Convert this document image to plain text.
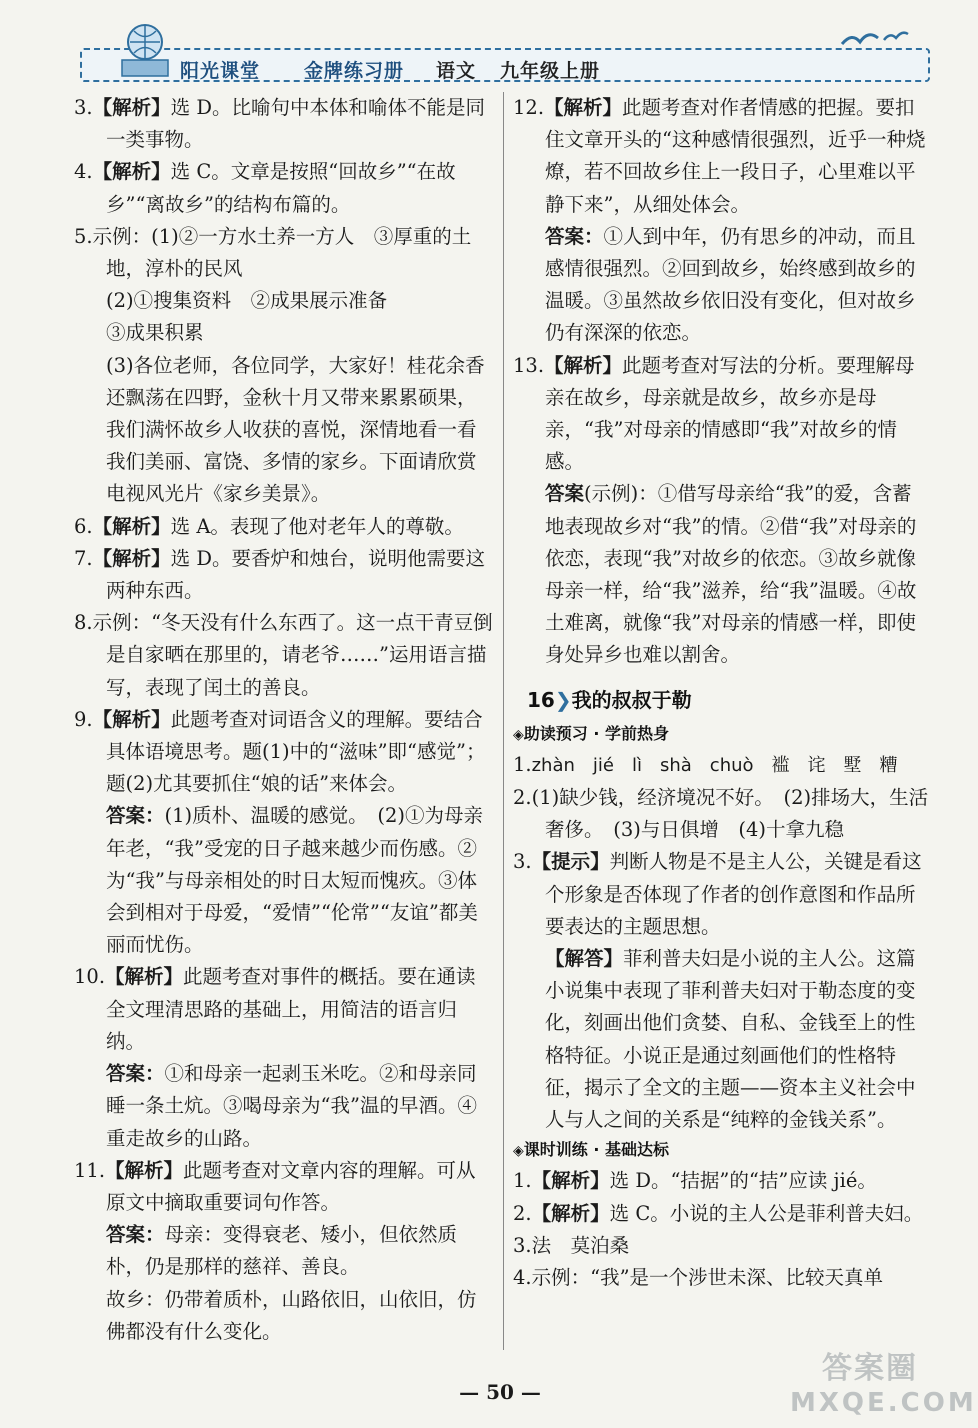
阳光课堂 金牌练习册 语文 九年级上册
3.【解析】选 D。比喻句中本体和喻体不能是同一类事物。
4.【解析】选 C。文章是按照“回故乡”“在故乡”“离故乡”的结构布篇的。
5.示例：(1)②一方水土养一方人　③厚重的土地，淳朴的民风
(2)①搜集资料　②成果展示准备
③成果积累
(3)各位老师，各位同学，大家好！桂花余香还飘荡在四野，金秋十月又带来累累硕果，我们满怀故乡人收获的喜悦，深情地看一看我们美丽、富饶、多情的家乡。下面请欣赏电视风光片《家乡美景》。
6.【解析】选 A。表现了他对老年人的尊敬。
7.【解析】选 D。要香炉和烛台，说明他需要这两种东西。
8.示例：“冬天没有什么东西了。这一点干青豆倒是自家晒在那里的，请老爷……”运用语言描写，表现了闰土的善良。
9.【解析】此题考查对词语含义的理解。要结合具体语境思考。题(1)中的“滋味”即“感觉”；题(2)尤其要抓住“娘的话”来体会。
答案：(1)质朴、温暖的感觉。　(2)①为母亲年老，“我”受宠的日子越来越少而伤感。②为“我”与母亲相处的时日太短而愧疚。③体会到相对于母爱，“爱情”“伦常”“友谊”都美丽而忧伤。
10.【解析】此题考查对事件的概括。要在通读全文理清思路的基础上，用简洁的语言归纳。
答案：①和母亲一起剥玉米吃。②和母亲同睡一条土炕。③喝母亲为“我”温的早酒。④重走故乡的山路。
11.【解析】此题考查对文章内容的理解。可从原文中摘取重要词句作答。
答案：母亲：变得衰老、矮小，但依然质朴，仍是那样的慈祥、善良。
故乡：仍带着质朴，山路依旧，山依旧，仿佛都没有什么变化。
12.【解析】此题考查对作者情感的把握。要扣住文章开头的“这种感情很强烈，近乎一种烧燎，若不回故乡住上一段日子，心里难以平静下来”，从细处体会。
答案：①人到中年，仍有思乡的冲动，而且感情很强烈。②回到故乡，始终感到故乡的温暖。③虽然故乡依旧没有变化，但对故乡仍有深深的依恋。
13.【解析】此题考查对写法的分析。要理解母亲在故乡，母亲就是故乡，故乡亦是母亲，“我”对母亲的情感即“我”对故乡的情感。
答案(示例)：①借写母亲给“我”的爱，含蓄地表现故乡对“我”的情。②借“我”对母亲的依恋，表现“我”对故乡的依恋。③故乡就像母亲一样，给“我”滋养，给“我”温暖。④故土难离，就像“我”对母亲的情感一样，即使身处异乡也难以割舍。
16❯我的叔叔于勒
◈助读预习 · 学前热身
1.zhàn　jié　lì　shà　chuò　褴　诧　墅　糟
2.(1)缺少钱，经济境况不好。　(2)排场大，生活奢侈。　(3)与日俱增　(4)十拿九稳
3.【提示】判断人物是不是主人公，关键是看这个形象是否体现了作者的创作意图和作品所要表达的主题思想。
【解答】菲利普夫妇是小说的主人公。这篇小说集中表现了菲利普夫妇对于勒态度的变化，刻画出他们贪婪、自私、金钱至上的性格特征。小说正是通过刻画他们的性格特征，揭示了全文的主题——资本主义社会中人与人之间的关系是“纯粹的金钱关系”。
◈课时训练 · 基础达标
1.【解析】选 D。“拮据”的“拮”应读 jié。
2.【解析】选 C。小说的主人公是菲利普夫妇。
3.法　莫泊桑
4.示例：“我”是一个涉世未深、比较天真单
— 50 —
答案圈
MXQE.COM
